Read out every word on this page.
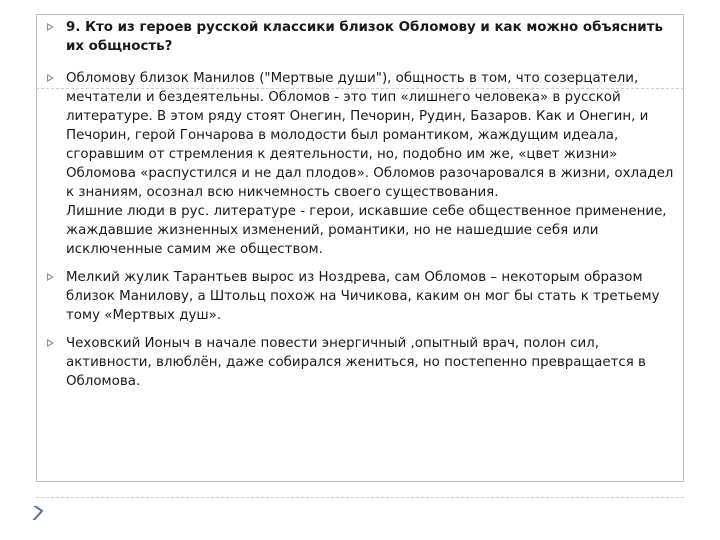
9. Кто из героев русской классики близок Обломову и как можно объяснить их общность?

Обломову близок Манилов ("Мертвые души"), общность в том, что созерцатели, мечтатели и бездеятельны. Обломов - это тип «лишнего человека» в русской литературе. В этом ряду стоят Онегин, Печорин, Рудин, Базаров. Как и Онегин, и Печорин, герой Гончарова в молодости был романтиком, жаждущим идеала, сгоравшим от стремления к деятельности, но, подобно им же, «цвет жизни» Обломова «распустился и не дал плодов». Обломов разочаровался в жизни, охладел к знаниям, осознал всю никчемность своего существования.
Лишние люди в рус. литературе - герои, искавшие себе общественное применение, жаждавшие жизненных изменений, романтики, но не нашедшие себя или исключенные самим же обществом.

Мелкий жулик Тарантьев вырос из Ноздрева, сам Обломов – некоторым образом близок Манилову, а Штольц похож на Чичикова, каким он мог бы стать к третьему тому «Мертвых душ».

Чеховский Ионыч в начале повести энергичный ,опытный врач, полон сил, активности, влюблён, даже собирался жениться, но постепенно превращается в Обломова.
